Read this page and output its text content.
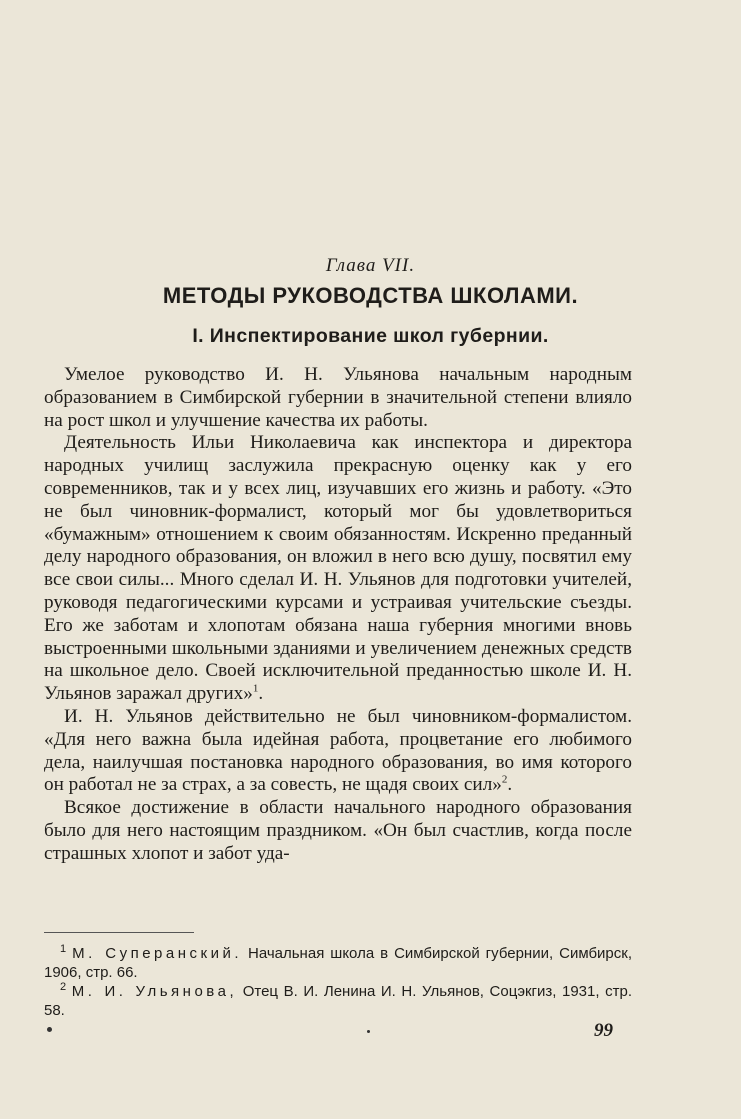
Глава VII.
МЕТОДЫ РУКОВОДСТВА ШКОЛАМИ.
I. Инспектирование школ губернии.

Умелое руководство И. Н. Ульянова начальным народным образованием в Симбирской губернии в значительной степени влияло на рост школ и улучшение качества их работы.

Деятельность Ильи Николаевича как инспектора и директора народных училищ заслужила прекрасную оценку как у его современников, так и у всех лиц, изучавших его жизнь и работу. «Это не был чиновник-формалист, который мог бы удовлетвориться «бумажным» отношением к своим обязанностям. Искренно преданный делу народного образования, он вложил в него всю душу, посвятил ему все свои силы... Много сделал И. Н. Ульянов для подготовки учителей, руководя педагогическими курсами и устраивая учительские съезды. Его же заботам и хлопотам обязана наша губерния многими вновь выстроенными школьными зданиями и увеличением денежных средств на школьное дело. Своей исключительной преданностью школе И. Н. Ульянов заражал других»$^1$.

И. Н. Ульянов действительно не был чиновником-формалистом. «Для него важна была идейная работа, процветание его любимого дела, наилучшая постановка народного образования, во имя которого он работал не за страх, а за совесть, не щадя своих сил»$^2$.

Всякое достижение в области начального народного образования было для него настоящим праздником. «Он был счастлив, когда после страшных хлопот и забот уда-

$^1$ М. Суперанский. Начальная школа в Симбирской губернии, Симбирск, 1906, стр. 66.

$^2$ М. И. Ульянова, Отец В. И. Ленина И. Н. Ульянов, Соцэкгиз, 1931, стр. 58.

99
